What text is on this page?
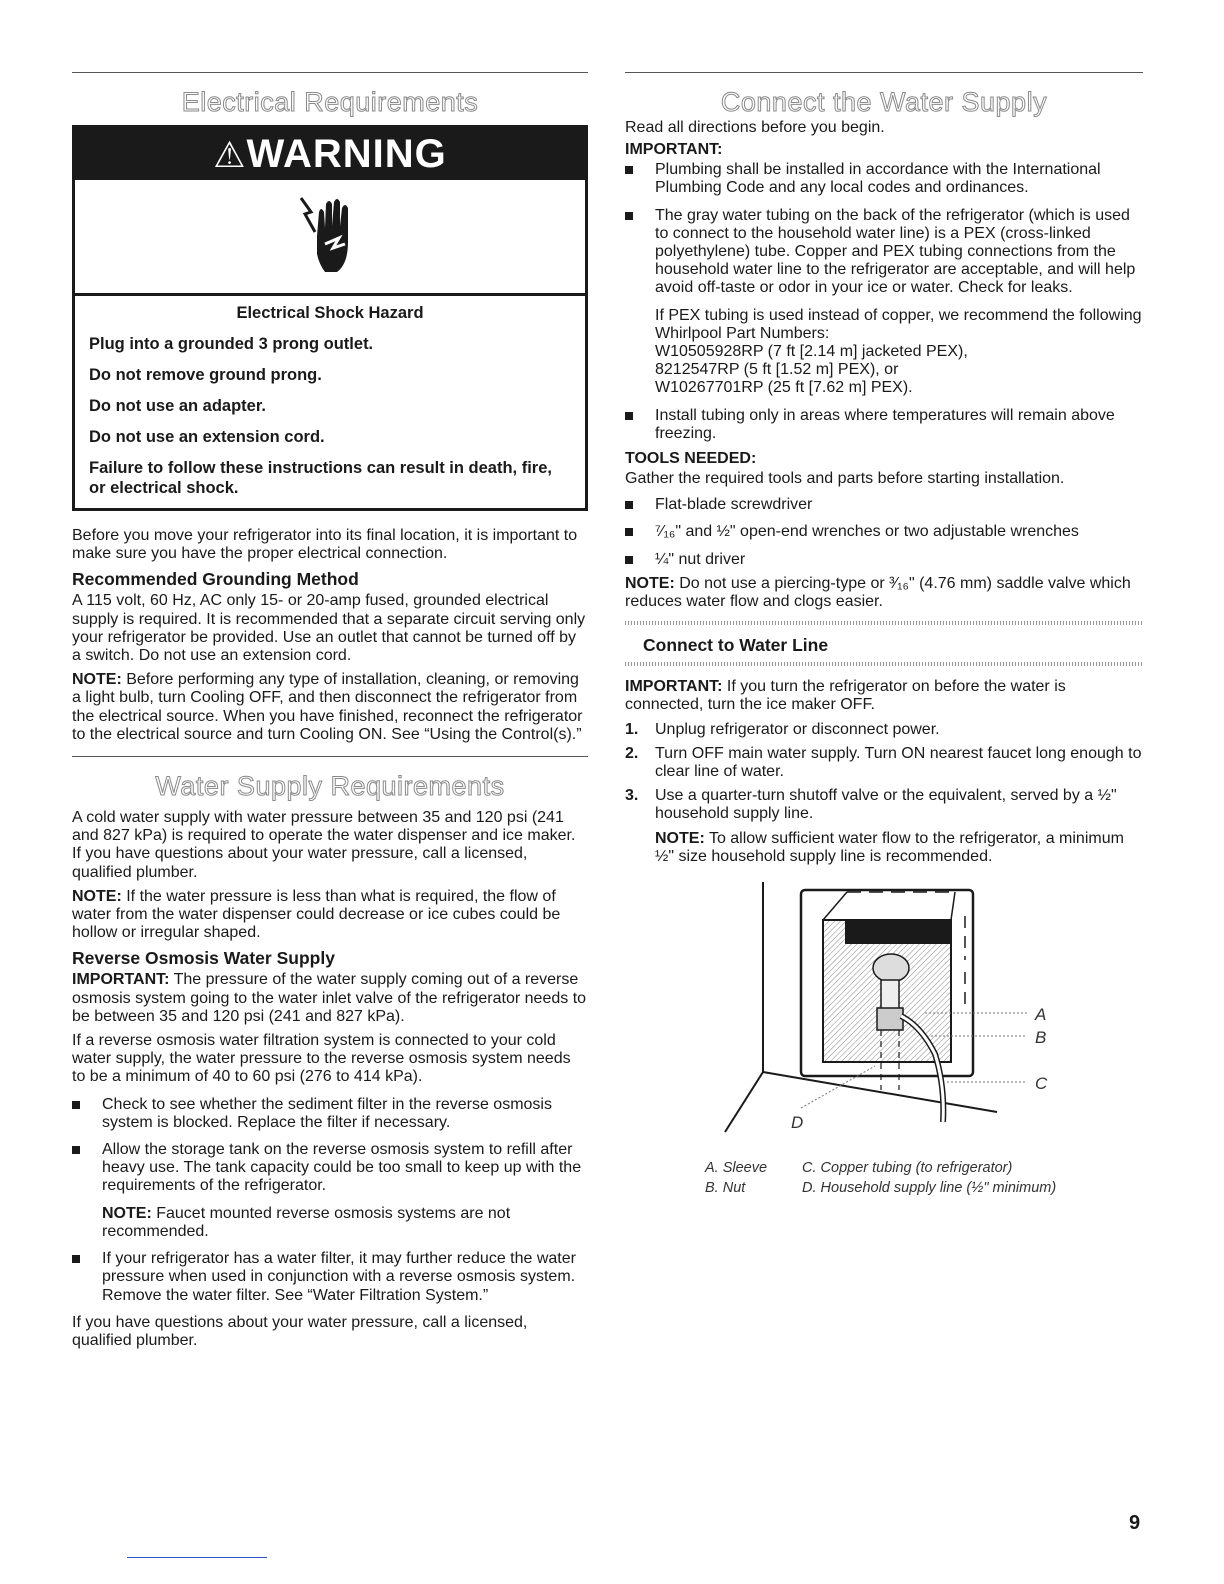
Electrical Requirements
⚠WARNING
Electrical Shock Hazard
Plug into a grounded 3 prong outlet.
Do not remove ground prong.
Do not use an adapter.
Do not use an extension cord.
Failure to follow these instructions can result in death, fire, or electrical shock.

Before you move your refrigerator into its final location, it is important to make sure you have the proper electrical connection.

Recommended Grounding Method

A 115 volt, 60 Hz, AC only 15- or 20-amp fused, grounded electrical supply is required. It is recommended that a separate circuit serving only your refrigerator be provided. Use an outlet that cannot be turned off by a switch. Do not use an extension cord.

NOTE: Before performing any type of installation, cleaning, or removing a light bulb, turn Cooling OFF, and then disconnect the refrigerator from the electrical source. When you have finished, reconnect the refrigerator to the electrical source and turn Cooling ON. See “Using the Control(s).”

Water Supply Requirements

A cold water supply with water pressure between 35 and 120 psi (241 and 827 kPa) is required to operate the water dispenser and ice maker. If you have questions about your water pressure, call a licensed, qualified plumber.

NOTE: If the water pressure is less than what is required, the flow of water from the water dispenser could decrease or ice cubes could be hollow or irregular shaped.

Reverse Osmosis Water Supply

IMPORTANT: The pressure of the water supply coming out of a reverse osmosis system going to the water inlet valve of the refrigerator needs to be between 35 and 120 psi (241 and 827 kPa).

If a reverse osmosis water filtration system is connected to your cold water supply, the water pressure to the reverse osmosis system needs to be a minimum of 40 to 60 psi (276 to 414 kPa).

Check to see whether the sediment filter in the reverse osmosis system is blocked. Replace the filter if necessary.
Allow the storage tank on the reverse osmosis system to refill after heavy use. The tank capacity could be too small to keep up with the requirements of the refrigerator.
NOTE: Faucet mounted reverse osmosis systems are not recommended.
If your refrigerator has a water filter, it may further reduce the water pressure when used in conjunction with a reverse osmosis system. Remove the water filter. See “Water Filtration System.”

If you have questions about your water pressure, call a licensed, qualified plumber.

Connect the Water Supply

Read all directions before you begin.

IMPORTANT:
Plumbing shall be installed in accordance with the International Plumbing Code and any local codes and ordinances.
The gray water tubing on the back of the refrigerator (which is used to connect to the household water line) is a PEX (cross-linked polyethylene) tube. Copper and PEX tubing connections from the household water line to the refrigerator are acceptable, and will help avoid off-taste or odor in your ice or water. Check for leaks.
If PEX tubing is used instead of copper, we recommend the following Whirlpool Part Numbers:
W10505928RP (7 ft [2.14 m] jacketed PEX),
8212547RP (5 ft [1.52 m] PEX), or
W10267701RP (25 ft [7.62 m] PEX).
Install tubing only in areas where temperatures will remain above freezing.
TOOLS NEEDED:

Gather the required tools and parts before starting installation.

Flat-blade screwdriver
⁷⁄₁₆" and ½" open-end wrenches or two adjustable wrenches
¼" nut driver

NOTE: Do not use a piercing-type or ³⁄₁₆" (4.76 mm) saddle valve which reduces water flow and clogs easier.

Connect to Water Line

IMPORTANT: If you turn the refrigerator on before the water is connected, turn the ice maker OFF.

1. Unplug refrigerator or disconnect power.
2. Turn OFF main water supply. Turn ON nearest faucet long enough to clear line of water.
3. Use a quarter-turn shutoff valve or the equivalent, served by a ½" household supply line.
NOTE: To allow sufficient water flow to the refrigerator, a minimum ½" size household supply line is recommended.
A
B
C
D
A. Sleeve
B. Nut
C. Copper tubing (to refrigerator)
D. Household supply line (½" minimum)
9
